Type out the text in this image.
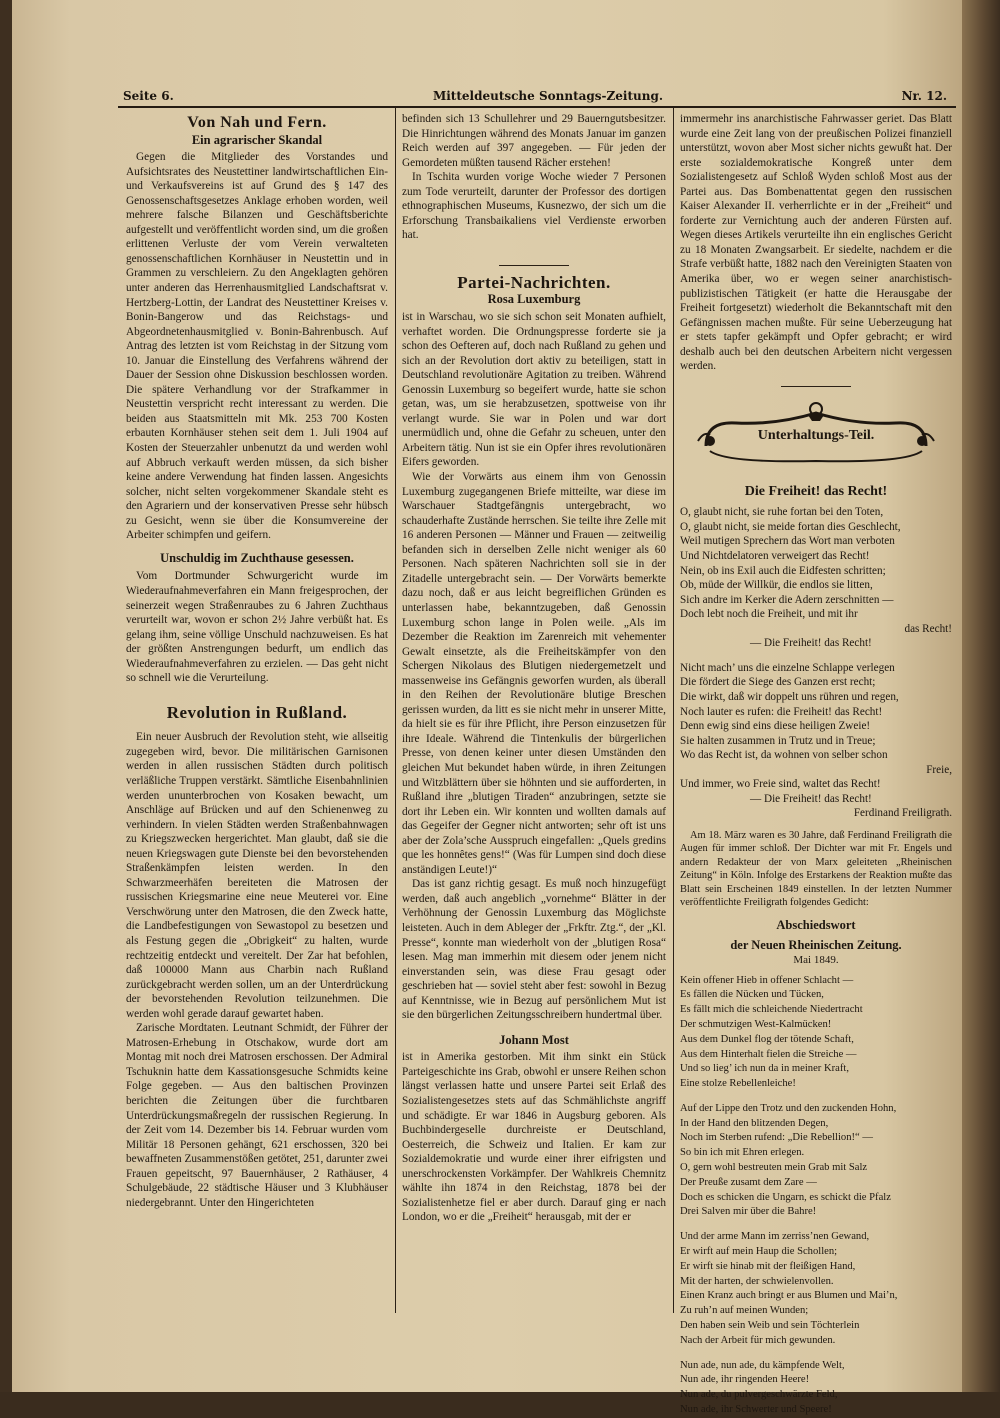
Seite 6.	Mitteldeutsche Sonntags-Zeitung.	Nr. 12.
Von Nah und Fern.
Ein agrarischer Skandal

Gegen die Mitglieder des Vorstandes und Aufsichtsrates des Neustettiner landwirtschaftlichen Ein- und Verkaufsvereins ist auf Grund des § 147 des Genossenschaftsgesetzes Anklage erhoben worden, weil mehrere falsche Bilanzen und Geschäftsberichte aufgestellt und veröffentlicht worden sind, um die großen erlittenen Verluste der vom Verein verwalteten genossenschaftlichen Kornhäuser in Neustettin und in Grammen zu verschleiern. Zu den Angeklagten gehören unter anderen das Herrenhausmitglied Landschaftsrat v. Hertzberg-Lottin, der Landrat des Neustettiner Kreises v. Bonin-Bangerow und das Reichstags- und Abgeordnetenhausmitglied v. Bonin-Bahrenbusch. Auf Antrag des letzten ist vom Reichstag in der Sitzung vom 10. Januar die Einstellung des Verfahrens während der Dauer der Session ohne Diskussion beschlossen worden. Die spätere Verhandlung vor der Strafkammer in Neustettin verspricht recht interessant zu werden. Die beiden aus Staatsmitteln mit Mk. 253 700 Kosten erbauten Kornhäuser stehen seit dem 1. Juli 1904 auf Kosten der Steuerzahler unbenutzt da und werden wohl auf Abbruch verkauft werden müssen, da sich bisher keine andere Verwendung hat finden lassen. Angesichts solcher, nicht selten vorgekommener Skandale steht es den Agrariern und der konservativen Presse sehr hübsch zu Gesicht, wenn sie über die Konsumvereine der Arbeiter schimpfen und geifern.

Unschuldig im Zuchthause gesessen.

Vom Dortmunder Schwurgericht wurde im Wiederaufnahmeverfahren ein Mann freigesprochen, der seinerzeit wegen Straßenraubes zu 6 Jahren Zuchthaus verurteilt war, wovon er schon 2½ Jahre verbüßt hat. Es gelang ihm, seine völlige Unschuld nachzuweisen. Es hat der größten Anstrengungen bedurft, um endlich das Wiederaufnahmeverfahren zu erzielen. — Das geht nicht so schnell wie die Verurteilung.

Revolution in Rußland.

Ein neuer Ausbruch der Revolution steht, wie allseitig zugegeben wird, bevor. Die militärischen Garnisonen werden in allen russischen Städten durch politisch verläßliche Truppen verstärkt. Sämtliche Eisenbahnlinien werden ununterbrochen von Kosaken bewacht, um Anschläge auf Brücken und auf den Schienenweg zu verhindern. In vielen Städten werden Straßenbahnwagen zu Kriegszwecken hergerichtet. Man glaubt, daß sie die neuen Kriegswagen gute Dienste bei den bevorstehenden Straßenkämpfen leisten werden. In den Schwarzmeerhäfen bereiteten die Matrosen der russischen Kriegsmarine eine neue Meuterei vor. Eine Verschwörung unter den Matrosen, die den Zweck hatte, die Landbefestigungen von Sewastopol zu besetzen und als Festung gegen die „Obrigkeit“ zu halten, wurde rechtzeitig entdeckt und vereitelt. Der Zar hat befohlen, daß 100000 Mann aus Charbin nach Rußland zurückgebracht werden sollen, um an der Unterdrückung der bevorstehenden Revolution teilzunehmen. Die werden wohl gerade darauf gewartet haben.

Zarische Mordtaten. Leutnant Schmidt, der Führer der Matrosen-Erhebung in Otschakow, wurde dort am Montag mit noch drei Matrosen erschossen. Der Admiral Tschuknin hatte dem Kassationsgesuche Schmidts keine Folge gegeben. — Aus den baltischen Provinzen berichten die Zeitungen über die furchtbaren Unterdrückungsmaßregeln der russischen Regierung. In der Zeit vom 14. Dezember bis 14. Februar wurden vom Militär 18 Personen gehängt, 621 erschossen, 320 bei bewaffneten Zusammenstößen getötet, 251, darunter zwei Frauen gepeitscht, 97 Bauernhäuser, 2 Rathäuser, 4 Schulgebäude, 22 städtische Häuser und 3 Klubhäuser niedergebrannt. Unter den Hingerichteten

befinden sich 13 Schullehrer und 29 Bauerngutsbesitzer. Die Hinrichtungen während des Monats Januar im ganzen Reich werden auf 397 angegeben. — Für jeden der Gemordeten müßten tausend Rächer erstehen!

In Tschita wurden vorige Woche wieder 7 Personen zum Tode verurteilt, darunter der Professor des dortigen ethnographischen Museums, Kusnezwo, der sich um die Erforschung Transbaikaliens viel Verdienste erworben hat.

Partei-Nachrichten.
Rosa Luxemburg

ist in Warschau, wo sie sich schon seit Monaten aufhielt, verhaftet worden. Die Ordnungspresse forderte sie ja schon des Oefteren auf, doch nach Rußland zu gehen und sich an der Revolution dort aktiv zu beteiligen, statt in Deutschland revolutionäre Agitation zu treiben. Während Genossin Luxemburg so begeifert wurde, hatte sie schon getan, was, um sie herabzusetzen, spottweise von ihr verlangt wurde. Sie war in Polen und war dort unermüdlich und, ohne die Gefahr zu scheuen, unter den Arbeitern tätig. Nun ist sie ein Opfer ihres revolutionären Eifers geworden.

Wie der Vorwärts aus einem ihm von Genossin Luxemburg zugegangenen Briefe mitteilte, war diese im Warschauer Stadtgefängnis untergebracht, wo schauderhafte Zustände herrschen. Sie teilte ihre Zelle mit 16 anderen Personen — Männer und Frauen — zeitweilig befanden sich in derselben Zelle nicht weniger als 60 Personen. Nach späteren Nachrichten soll sie in der Zitadelle untergebracht sein. — Der Vorwärts bemerkte dazu noch, daß er aus leicht begreiflichen Gründen es unterlassen habe, bekanntzugeben, daß Genossin Luxemburg schon lange in Polen weile. „Als im Dezember die Reaktion im Zarenreich mit vehementer Gewalt einsetzte, als die Freiheitskämpfer von den Schergen Nikolaus des Blutigen niedergemetzelt und massenweise ins Gefängnis geworfen wurden, als überall in den Reihen der Revolutionäre blutige Breschen gerissen wurden, da litt es sie nicht mehr in unserer Mitte, da hielt sie es für ihre Pflicht, ihre Person einzusetzen für ihre Ideale. Während die Tintenkulis der bürgerlichen Presse, von denen keiner unter diesen Umständen den gleichen Mut bekundet haben würde, in ihren Zeitungen und Witzblättern über sie höhnten und sie aufforderten, in Rußland ihre „blutigen Tiraden“ anzubringen, setzte sie dort ihr Leben ein. Wir konnten und wollten damals auf das Gegeifer der Gegner nicht antworten; sehr oft ist uns aber der Zola’sche Ausspruch eingefallen: „Quels gredins que les honnêtes gens!“ (Was für Lumpen sind doch diese anständigen Leute!)“

Das ist ganz richtig gesagt. Es muß noch hinzugefügt werden, daß auch angeblich „vornehme“ Blätter in der Verhöhnung der Genossin Luxemburg das Möglichste leisteten. Auch in dem Ableger der „Frkftr. Ztg.“, der „Kl. Presse“, konnte man wiederholt von der „blutigen Rosa“ lesen. Mag man immerhin mit diesem oder jenem nicht einverstanden sein, was diese Frau gesagt oder geschrieben hat — soviel steht aber fest: sowohl in Bezug auf Kenntnisse, wie in Bezug auf persönlichem Mut ist sie den bürgerlichen Zeitungsschreibern hundertmal über.

Johann Most

ist in Amerika gestorben. Mit ihm sinkt ein Stück Parteigeschichte ins Grab, obwohl er unsere Reihen schon längst verlassen hatte und unsere Partei seit Erlaß des Sozialistengesetzes stets auf das Schmählichste angriff und schädigte. Er war 1846 in Augsburg geboren. Als Buchbindergeselle durchreiste er Deutschland, Oesterreich, die Schweiz und Italien. Er kam zur Sozialdemokratie und wurde einer ihrer eifrigsten und unerschrockensten Vorkämpfer. Der Wahlkreis Chemnitz wählte ihn 1874 in den Reichstag, 1878 bei der Sozialistenhetze fiel er aber durch. Darauf ging er nach London, wo er die „Freiheit“ herausgab, mit der er

immermehr ins anarchistische Fahrwasser geriet. Das Blatt wurde eine Zeit lang von der preußischen Polizei finanziell unterstützt, wovon aber Most sicher nichts gewußt hat. Der erste sozialdemokratische Kongreß unter dem Sozialistengesetz auf Schloß Wyden schloß Most aus der Partei aus. Das Bombenattentat gegen den russischen Kaiser Alexander II. verherrlichte er in der „Freiheit“ und forderte zur Vernichtung auch der anderen Fürsten auf. Wegen dieses Artikels verurteilte ihn ein englisches Gericht zu 18 Monaten Zwangsarbeit. Er siedelte, nachdem er die Strafe verbüßt hatte, 1882 nach den Vereinigten Staaten von Amerika über, wo er wegen seiner anarchistisch-publizistischen Tätigkeit (er hatte die Herausgabe der Freiheit fortgesetzt) wiederholt die Bekanntschaft mit den Gefängnissen machen mußte. Für seine Ueberzeugung hat er stets tapfer gekämpft und Opfer gebracht; er wird deshalb auch bei den deutschen Arbeitern nicht vergessen werden.

Unterhaltungs-Teil.
Die Freiheit! das Recht!
O, glaubt nicht, sie ruhe fortan bei den Toten,
O, glaubt nicht, sie meide fortan dies Geschlecht,
Weil mutigen Sprechern das Wort man verboten
Und Nichtdelatoren verweigert das Recht!
Nein, ob ins Exil auch die Eidfesten schritten;
Ob, müde der Willkür, die endlos sie litten,
Sich andre im Kerker die Adern zerschnitten —
Doch lebt noch die Freiheit, und mit ihr
das Recht!
— Die Freiheit! das Recht!
Nicht mach’ uns die einzelne Schlappe verlegen
Die fördert die Siege des Ganzen erst recht;
Die wirkt, daß wir doppelt uns rühren und regen,
Noch lauter es rufen: die Freiheit! das Recht!
Denn ewig sind eins diese heiligen Zweie!
Sie halten zusammen in Trutz und in Treue;
Wo das Recht ist, da wohnen von selber schon
Freie,
Und immer, wo Freie sind, waltet das Recht!
— Die Freiheit! das Recht!
Ferdinand Freiligrath.
Am 18. März waren es 30 Jahre, daß Ferdinand Freiligrath die Augen für immer schloß. Der Dichter war mit Fr. Engels und andern Redakteur der von Marx geleiteten „Rheinischen Zeitung“ in Köln. Infolge des Erstarkens der Reaktion mußte das Blatt sein Erscheinen 1849 einstellen. In der letzten Nummer veröffentlichte Freiligrath folgendes Gedicht:
Abschiedswort
der Neuen Rheinischen Zeitung.
Mai 1849.
Kein offener Hieb in offener Schlacht —
Es fällen die Nücken und Tücken,
Es fällt mich die schleichende Niedertracht
Der schmutzigen West-Kalmücken!
Aus dem Dunkel flog der tötende Schaft,
Aus dem Hinterhalt fielen die Streiche —
Und so lieg’ ich nun da in meiner Kraft,
Eine stolze Rebellenleiche!
Auf der Lippe den Trotz und den zuckenden Hohn,
In der Hand den blitzenden Degen,
Noch im Sterben rufend: „Die Rebellion!“ —
So bin ich mit Ehren erlegen.
O, gern wohl bestreuten mein Grab mit Salz
Der Preuße zusamt dem Zare —
Doch es schicken die Ungarn, es schickt die Pfalz
Drei Salven mir über die Bahre!
Und der arme Mann im zerriss’nen Gewand,
Er wirft auf mein Haup die Schollen;
Er wirft sie hinab mit der fleißigen Hand,
Mit der harten, der schwielenvollen.
Einen Kranz auch bringt er aus Blumen und Mai’n,
Zu ruh’n auf meinen Wunden;
Den haben sein Weib und sein Töchterlein
Nach der Arbeit für mich gewunden.
Nun ade, nun ade, du kämpfende Welt,
Nun ade, ihr ringenden Heere!
Nun ade, du pulvergeschwärzte Feld,
Nun ade, ihr Schwerter und Speere!
